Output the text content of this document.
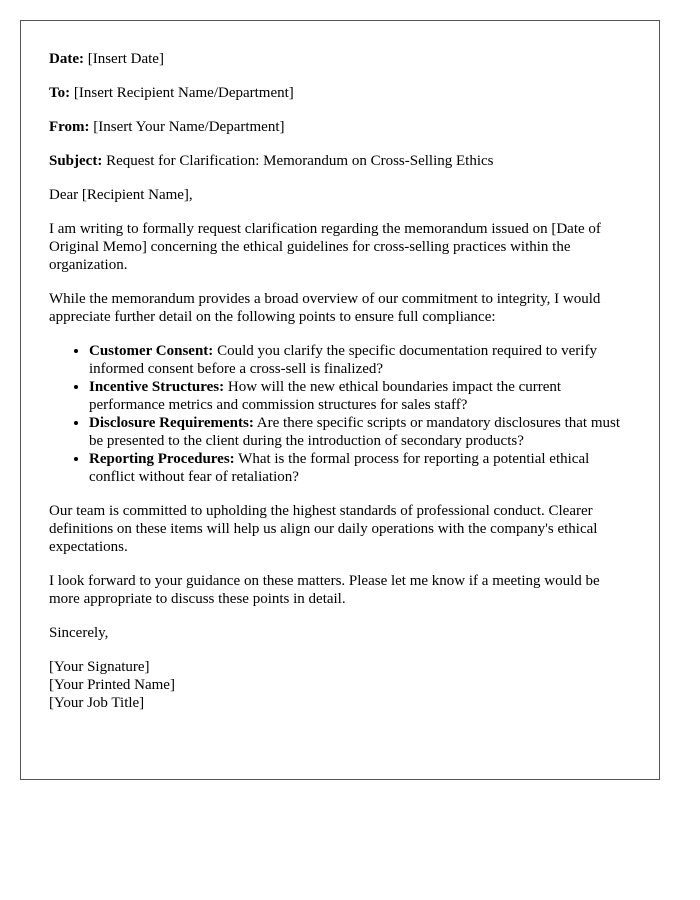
Date: [Insert Date]

To: [Insert Recipient Name/Department]

From: [Insert Your Name/Department]

Subject: Request for Clarification: Memorandum on Cross-Selling Ethics

Dear [Recipient Name],

I am writing to formally request clarification regarding the memorandum issued on [Date of Original Memo] concerning the ethical guidelines for cross-selling practices within the organization.

While the memorandum provides a broad overview of our commitment to integrity, I would appreciate further detail on the following points to ensure full compliance:

• Customer Consent: Could you clarify the specific documentation required to verify informed consent before a cross-sell is finalized?
• Incentive Structures: How will the new ethical boundaries impact the current performance metrics and commission structures for sales staff?
• Disclosure Requirements: Are there specific scripts or mandatory disclosures that must be presented to the client during the introduction of secondary products?
• Reporting Procedures: What is the formal process for reporting a potential ethical conflict without fear of retaliation?

Our team is committed to upholding the highest standards of professional conduct. Clearer definitions on these items will help us align our daily operations with the company's ethical expectations.

I look forward to your guidance on these matters. Please let me know if a meeting would be more appropriate to discuss these points in detail.

Sincerely,

[Your Signature]
[Your Printed Name]
[Your Job Title]
